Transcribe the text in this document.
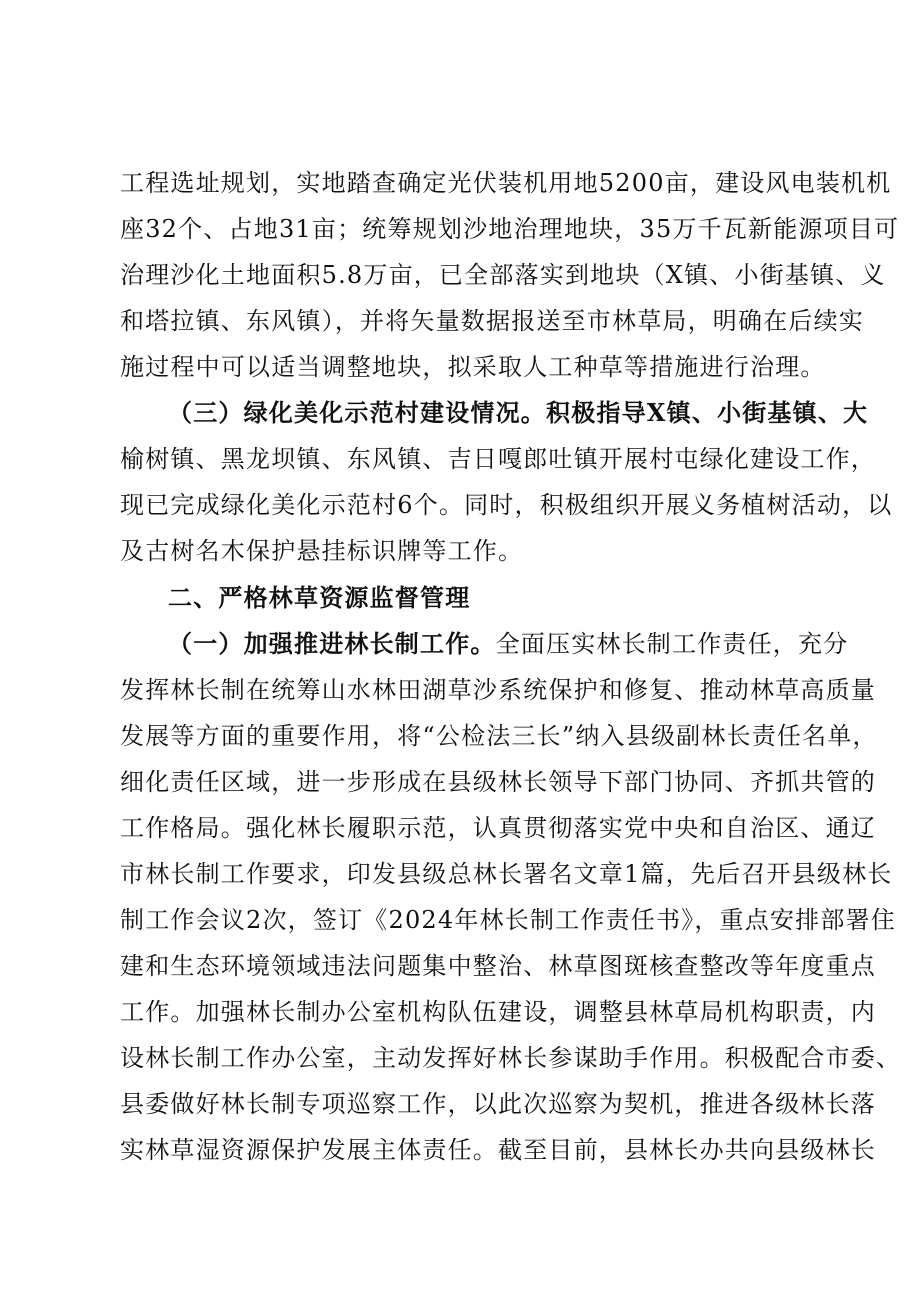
工程选址规划，实地踏查确定光伏装机用地5200亩，建设风电装机机
座32个、占地31亩；统筹规划沙地治理地块，35万千瓦新能源项目可
治理沙化土地面积5.8万亩，已全部落实到地块（X镇、小街基镇、义
和塔拉镇、东风镇），并将矢量数据报送至市林草局，明确在后续实
施过程中可以适当调整地块，拟采取人工种草等措施进行治理。
（三）绿化美化示范村建设情况。积极指导X镇、小街基镇、大
榆树镇、黑龙坝镇、东风镇、吉日嘎郎吐镇开展村屯绿化建设工作，
现已完成绿化美化示范村6个。同时，积极组织开展义务植树活动，以
及古树名木保护悬挂标识牌等工作。
二、严格林草资源监督管理
（一）加强推进林长制工作。全面压实林长制工作责任，充分
发挥林长制在统筹山水林田湖草沙系统保护和修复、推动林草高质量
发展等方面的重要作用，将“公检法三长”纳入县级副林长责任名单，
细化责任区域，进一步形成在县级林长领导下部门协同、齐抓共管的
工作格局。强化林长履职示范，认真贯彻落实党中央和自治区、通辽
市林长制工作要求，印发县级总林长署名文章1篇，先后召开县级林长
制工作会议2次，签订《2024年林长制工作责任书》，重点安排部署住
建和生态环境领域违法问题集中整治、林草图斑核查整改等年度重点
工作。加强林长制办公室机构队伍建设，调整县林草局机构职责，内
设林长制工作办公室，主动发挥好林长参谋助手作用。积极配合市委、
县委做好林长制专项巡察工作，以此次巡察为契机，推进各级林长落
实林草湿资源保护发展主体责任。截至目前，县林长办共向县级林长
